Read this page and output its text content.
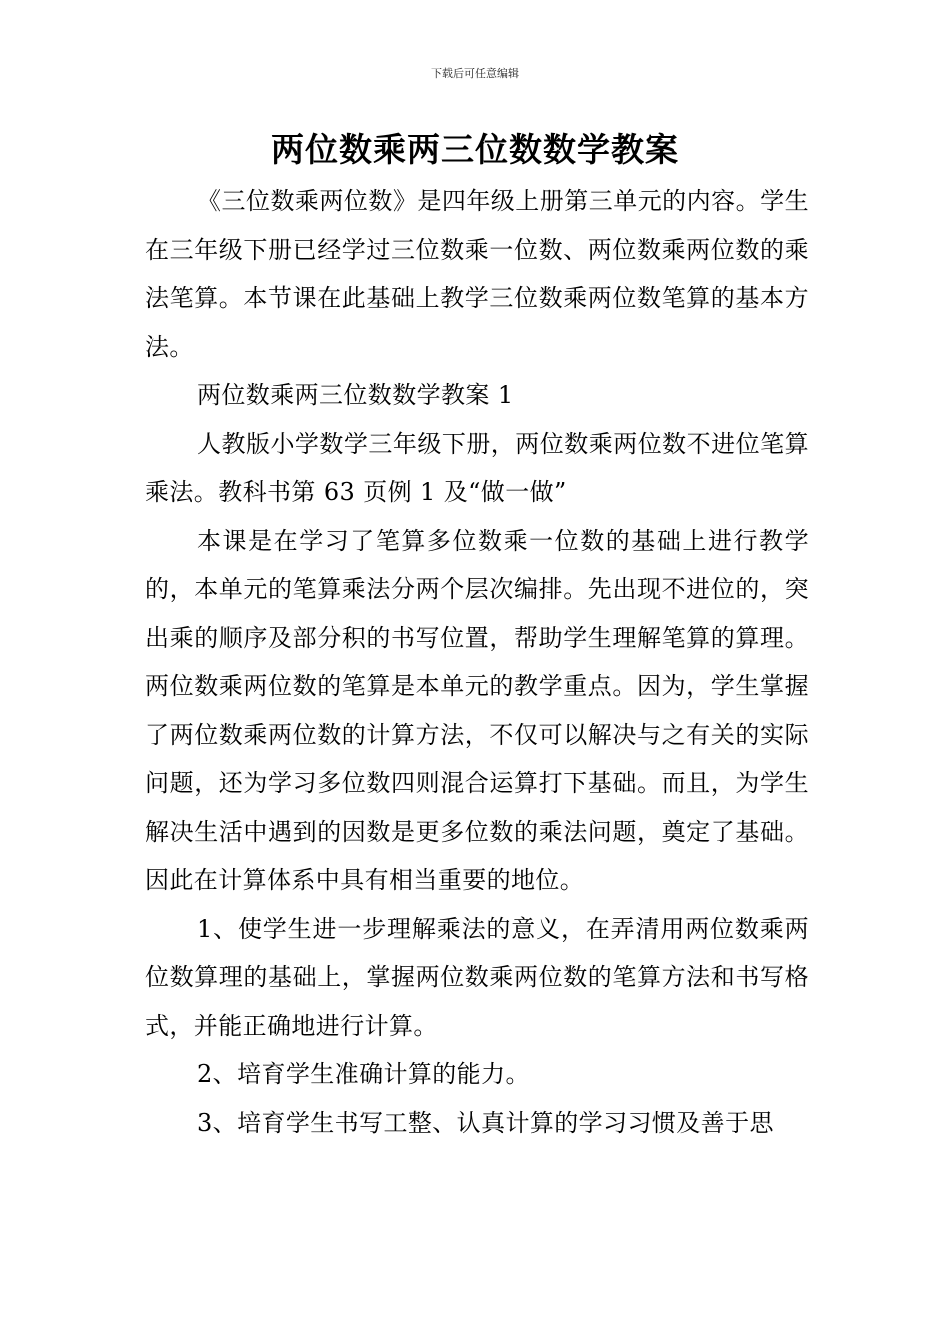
下载后可任意编辑
两位数乘两三位数数学教案

《三位数乘两位数》是四年级上册第三单元的内容。学生在三年级下册已经学过三位数乘一位数、两位数乘两位数的乘法笔算。本节课在此基础上教学三位数乘两位数笔算的基本方法。

两位数乘两三位数数学教案 1

人教版小学数学三年级下册，两位数乘两位数不进位笔算乘法。教科书第 63 页例 1 及“做一做”

本课是在学习了笔算多位数乘一位数的基础上进行教学的，本单元的笔算乘法分两个层次编排。先出现不进位的，突出乘的顺序及部分积的书写位置，帮助学生理解笔算的算理。两位数乘两位数的笔算是本单元的教学重点。因为，学生掌握了两位数乘两位数的计算方法，不仅可以解决与之有关的实际问题，还为学习多位数四则混合运算打下基础。而且，为学生解决生活中遇到的因数是更多位数的乘法问题，奠定了基础。因此在计算体系中具有相当重要的地位。

1、使学生进一步理解乘法的意义，在弄清用两位数乘两位数算理的基础上，掌握两位数乘两位数的笔算方法和书写格式，并能正确地进行计算。

2、培育学生准确计算的能力。

3、培育学生书写工整、认真计算的学习习惯及善于思
